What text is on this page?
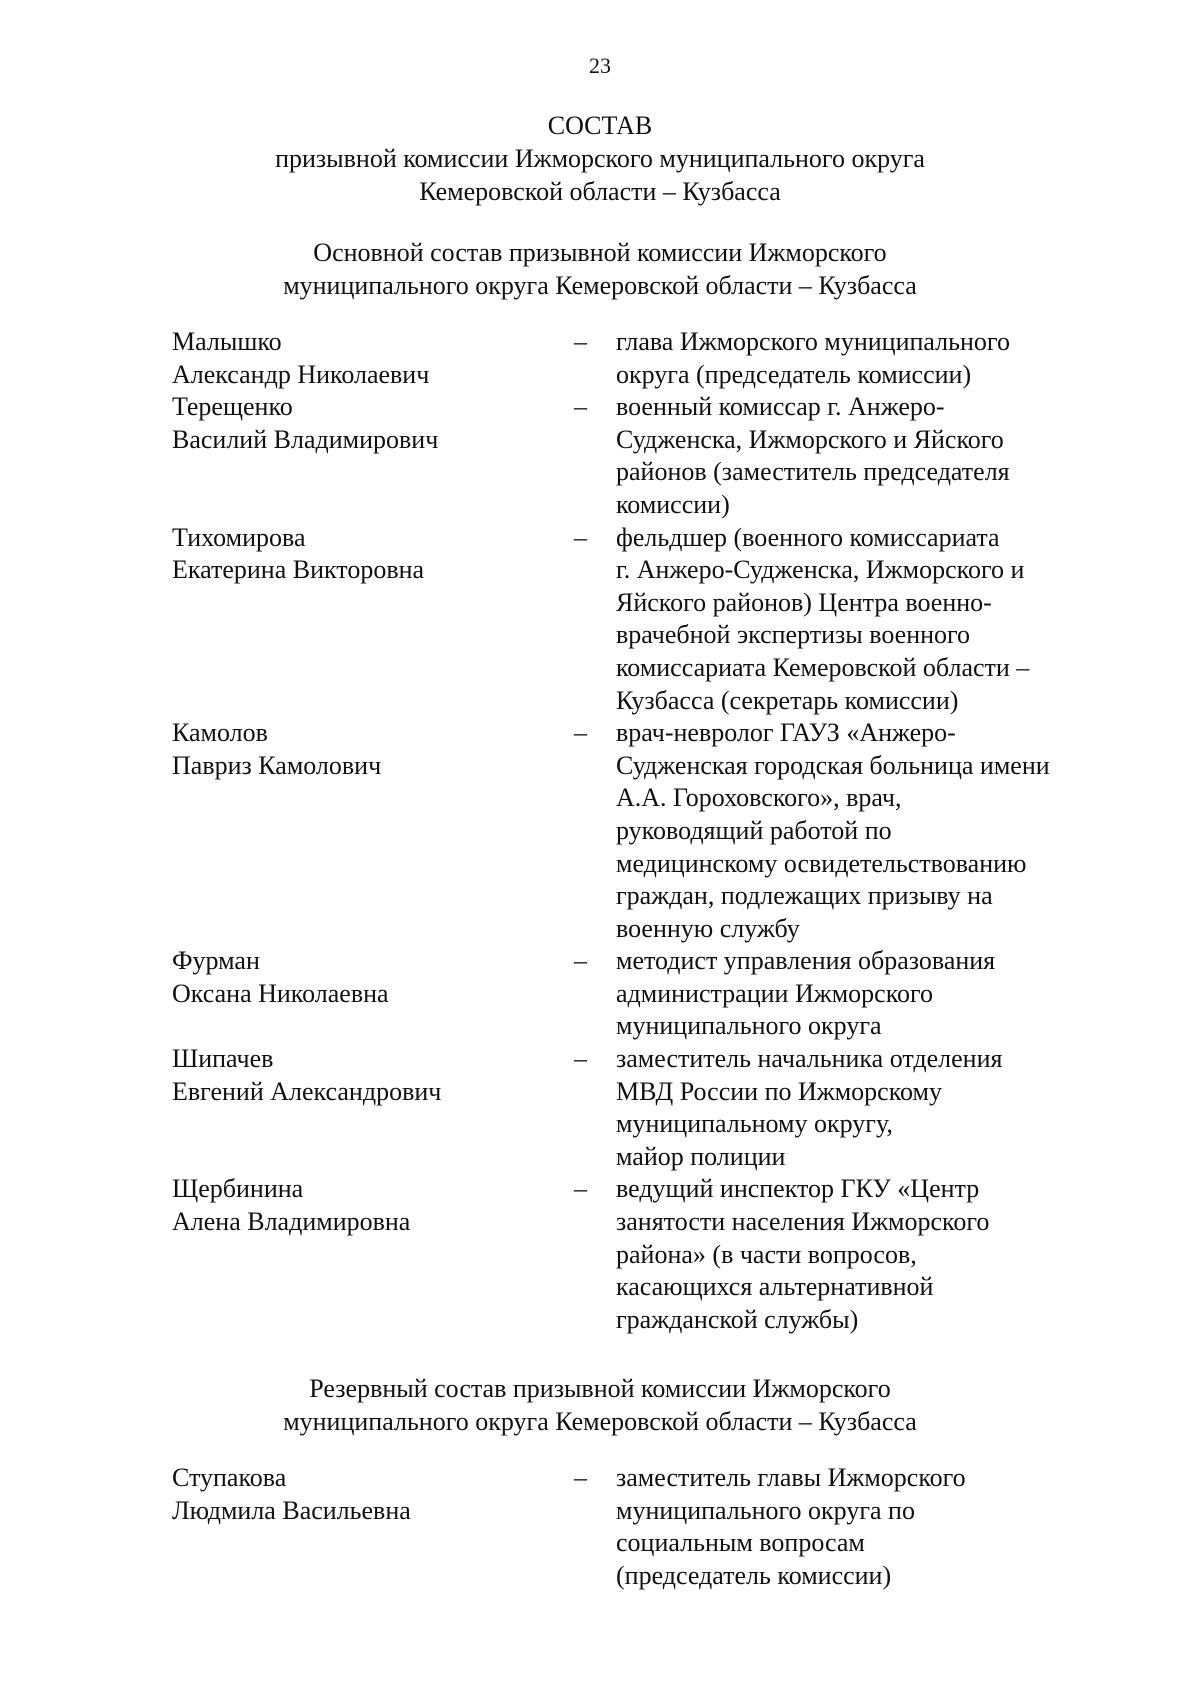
23
СОСТАВ
призывной комиссии Ижморского муниципального округа
Кемеровской области – Кузбасса
Основной состав призывной комиссии Ижморского
муниципального округа Кемеровской области – Кузбасса
Малышко
Александр Николаевич
–	глава Ижморского муниципального
округа (председатель комиссии)
Терещенко
Василий Владимирович
–	военный комиссар г. Анжеро-
Судженска, Ижморского и Яйского
районов (заместитель председателя
комиссии)
Тихомирова
Екатерина Викторовна
–	фельдшер (военного комиссариата
г. Анжеро-Судженска, Ижморского и
Яйского районов) Центра военно-
врачебной экспертизы военного
комиссариата Кемеровской области –
Кузбасса (секретарь комиссии)
Камолов
Павриз Камолович
–	врач-невролог ГАУЗ «Анжеро-
Судженская городская больница имени
А.А. Гороховского», врач,
руководящий работой по
медицинскому освидетельствованию
граждан, подлежащих призыву на
военную службу
Фурман
Оксана Николаевна
–	методист управления образования
администрации Ижморского
муниципального округа
Шипачев
Евгений Александрович
–	заместитель начальника отделения
МВД России по Ижморскому
муниципальному округу,
майор полиции
Щербинина
Алена Владимировна
–	ведущий инспектор ГКУ «Центр
занятости населения Ижморского
района» (в части вопросов,
касающихся альтернативной
гражданской службы)
Резервный состав призывной комиссии Ижморского
муниципального округа Кемеровской области – Кузбасса
Ступакова
Людмила Васильевна
–	заместитель главы Ижморского
муниципального округа по
социальным вопросам
(председатель комиссии)
